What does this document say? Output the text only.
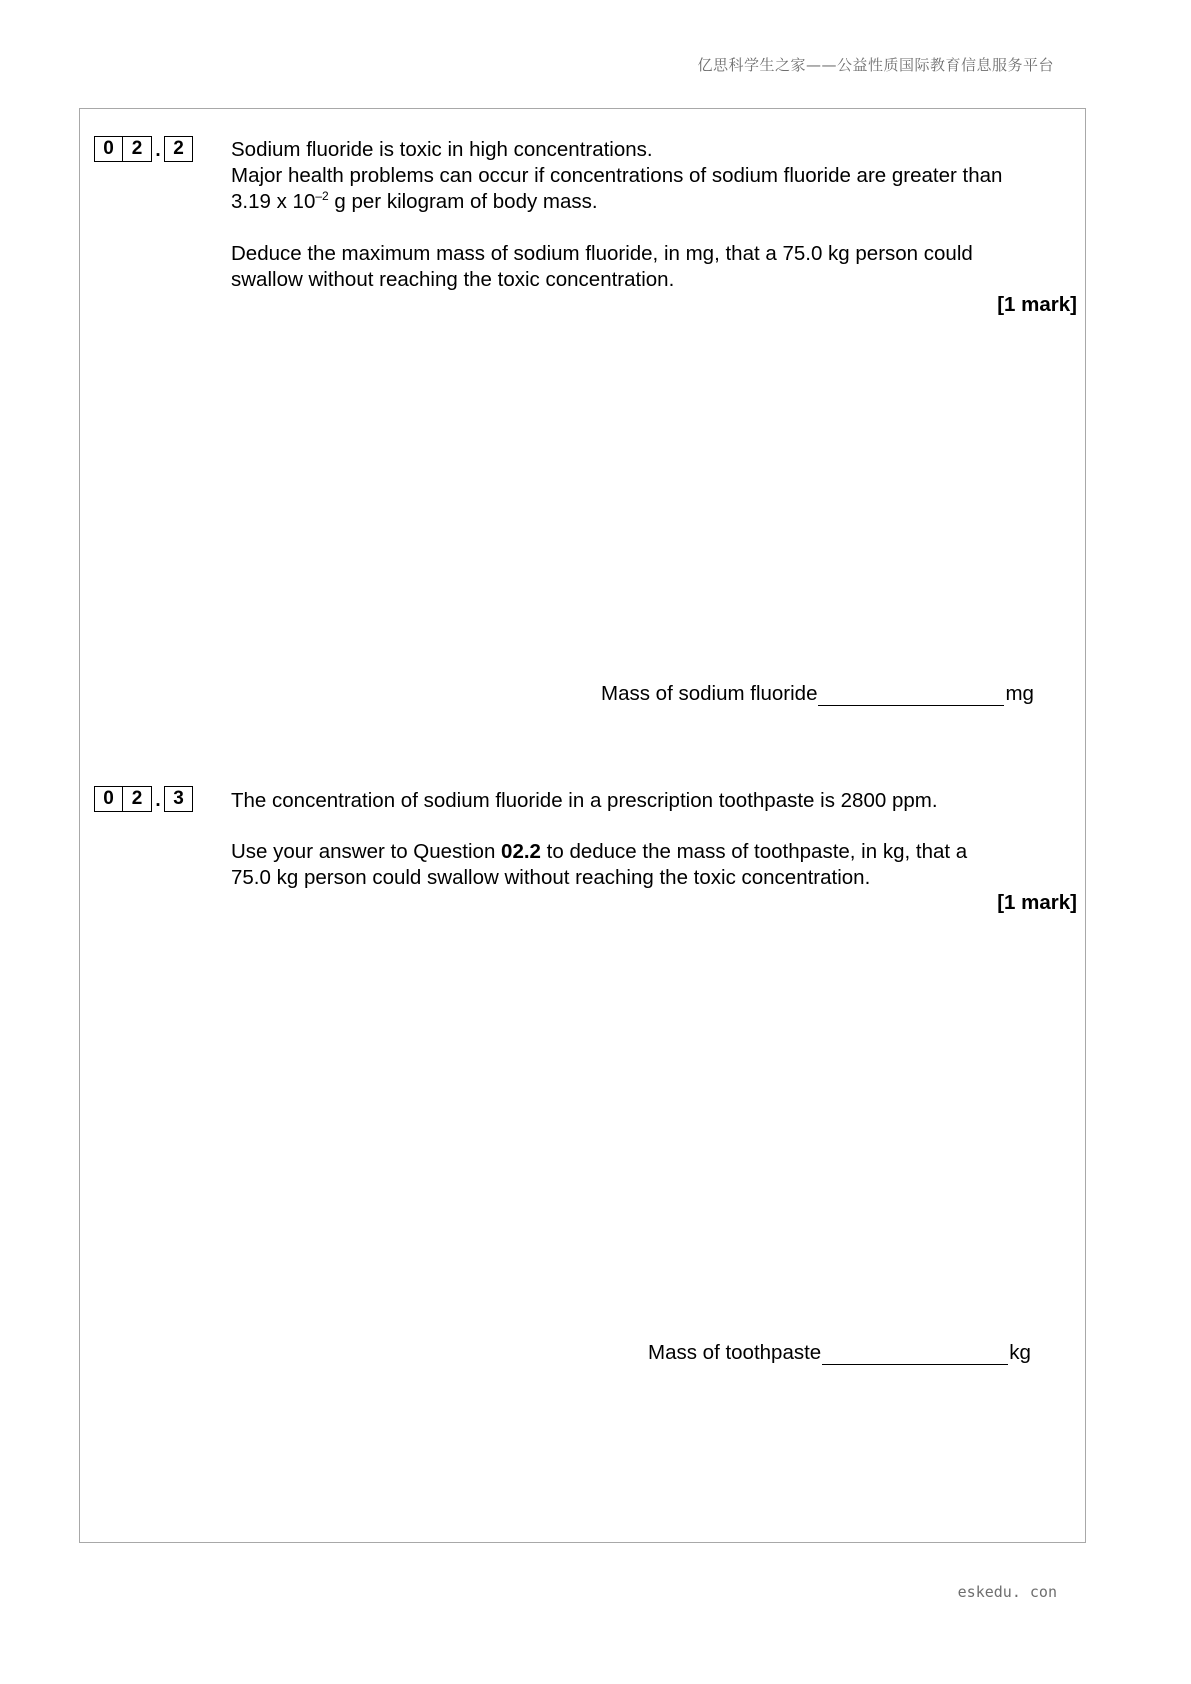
亿思科学生之家——公益性质国际教育信息服务平台
0 2 . 2	Sodium fluoride is toxic in high concentrations.

Major health problems can occur if concentrations of sodium fluoride are greater than

3.19 x $10^{-2}$ g per kilogram of body mass.

Deduce the maximum mass of sodium fluoride, in mg, that a 75.0 kg person could

swallow without reaching the toxic concentration.

[1 mark]
Mass of sodium fluoride	mg
0 2 . 3	The concentration of sodium fluoride in a prescription toothpaste is 2800 ppm.

Use your answer to Question 02.2 to deduce the mass of toothpaste, in kg, that a

75.0 kg person could swallow without reaching the toxic concentration.

[1 mark]
Mass of toothpaste	kg
eskedu. con
